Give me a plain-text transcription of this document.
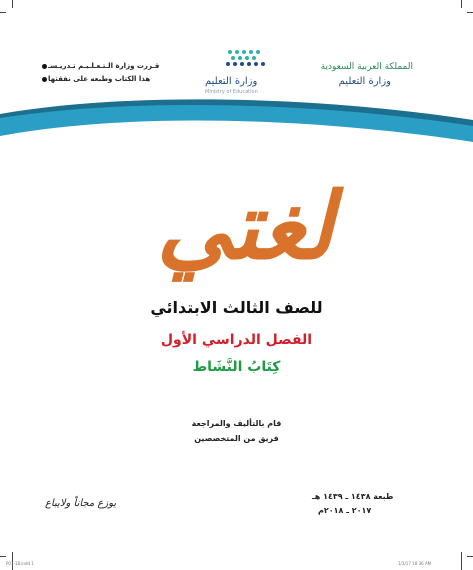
المملكة العربية السعودية
وزارة التعليم
وزارة التعليم
Ministry of Education
قـررت وزارة الـتـعـلـيـم تـدريـسـ
هذا الكتاب وطبعه على نفقتها
لغتي
للصف الثالث الابتدائي
الفصل الدراسي الأول
كِتَابُ النَّشَاط
قام بالتأليف والمراجعة
فريق من المتخصصين
طبعة ١٤٣٨ ـ ١٤٣٩ هـ
٢٠١٧ ـ ٢٠١٨م
يوزع مجاناً ولايباع
P01-18.indd 1	1/3/17 10:36 AM
